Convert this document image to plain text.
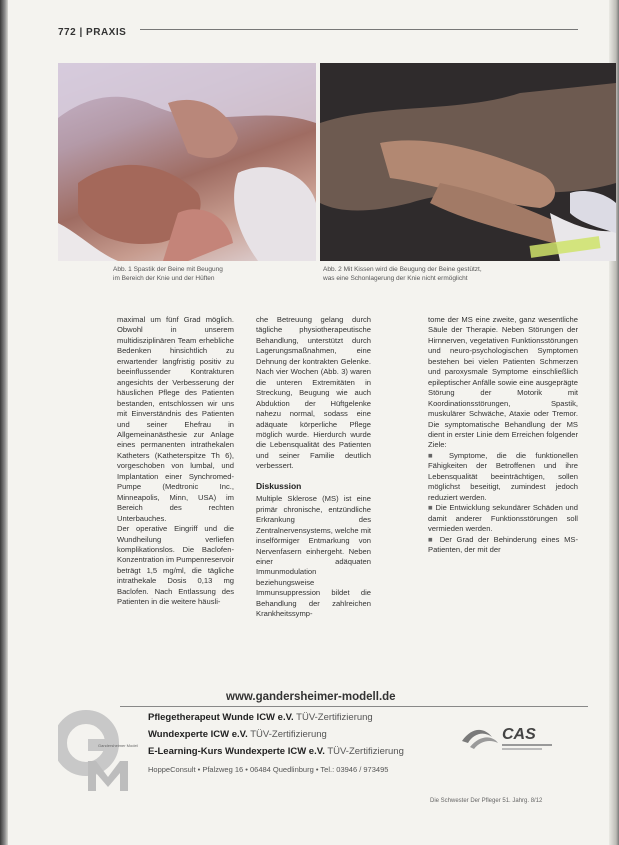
772 | PRAXIS
Abb. 1 Spastik der Beine mit Beugung
im Bereich der Knie und der Hüften
Abb. 2 Mit Kissen wird die Beugung der Beine gestützt,
was eine Schonlagerung der Knie nicht ermöglicht

maximal um fünf Grad möglich. Obwohl in unserem multidisziplinären Team erhebliche Bedenken hinsichtlich zu erwartender langfristig positiv zu beeinflussender Kontrakturen angesichts der Verbesserung der häuslichen Pflege des Patienten bestanden, entschlossen wir uns mit Einverständnis des Patienten und seiner Ehefrau in Allgemeinanästhesie zur Anlage eines permanenten intrathekalen Katheters (Katheterspitze Th 6), vorgeschoben von lumbal, und Implantation einer Synchromed-Pumpe (Medtronic Inc., Minneapolis, Minn, USA) im Bereich des rechten Unterbauches.

Der operative Eingriff und die Wundheilung verliefen komplikationslos. Die Baclofen-Konzentration im Pumpenreservoir beträgt 1,5 mg/ml, die tägliche intrathekale Dosis 0,13 mg Baclofen. Nach Entlassung des Patienten in die weitere häusli-

che Betreuung gelang durch tägliche physiotherapeutische Behandlung, unterstützt durch Lagerungsmaßnahmen, eine Dehnung der kontrakten Gelenke. Nach vier Wochen (Abb. 3) waren die unteren Extremitäten in Streckung, Beugung wie auch Abduktion der Hüftgelenke nahezu normal, sodass eine adäquate körperliche Pflege möglich wurde. Hierdurch wurde die Lebensqualität des Patienten und seiner Familie deutlich verbessert.

Diskussion

Multiple Sklerose (MS) ist eine primär chronische, entzündliche Erkrankung des Zentralnervensystems, welche mit inselförmiger Entmarkung von Nervenfasern einhergeht. Neben einer adäquaten Immunmodulation beziehungsweise Immunsuppression bildet die Behandlung der zahlreichen Krankheitssymp-

tome der MS eine zweite, ganz wesentliche Säule der Therapie. Neben Störungen der Hirnnerven, vegetativen Funktionsstörungen und neuro-psychologischen Symptomen bestehen bei vielen Patienten Schmerzen und paroxysmale Symptome einschließlich epileptischer Anfälle sowie eine ausgeprägte Störung der Motorik mit Koordinationsstörungen, Spastik, muskulärer Schwäche, Ataxie oder Tremor. Die symptomatische Behandlung der MS dient in erster Linie dem Erreichen folgender Ziele:

■ Symptome, die die funktionellen Fähigkeiten der Betroffenen und ihre Lebensqualität beeinträchtigen, sollen möglichst beseitigt, zumindest jedoch reduziert werden.

■ Die Entwicklung sekundärer Schäden und damit anderer Funktionsstörungen soll vermieden werden.

■ Der Grad der Behinderung eines MS-Patienten, der mit der

Gandersheimer Modell
www.gandersheimer-modell.de
Pflegetherapeut Wunde ICW e.V. TÜV-Zertifizierung
Wundexperte ICW e.V. TÜV-Zertifizierung
E-Learning-Kurs Wundexperte ICW e.V. TÜV-Zertifizierung
HoppeConsult • Pfalzweg 16 • 06484 Quedlinburg • Tel.: 03946 / 973495
CAS
Die Schwester Der Pfleger 51. Jahrg. 8/12
